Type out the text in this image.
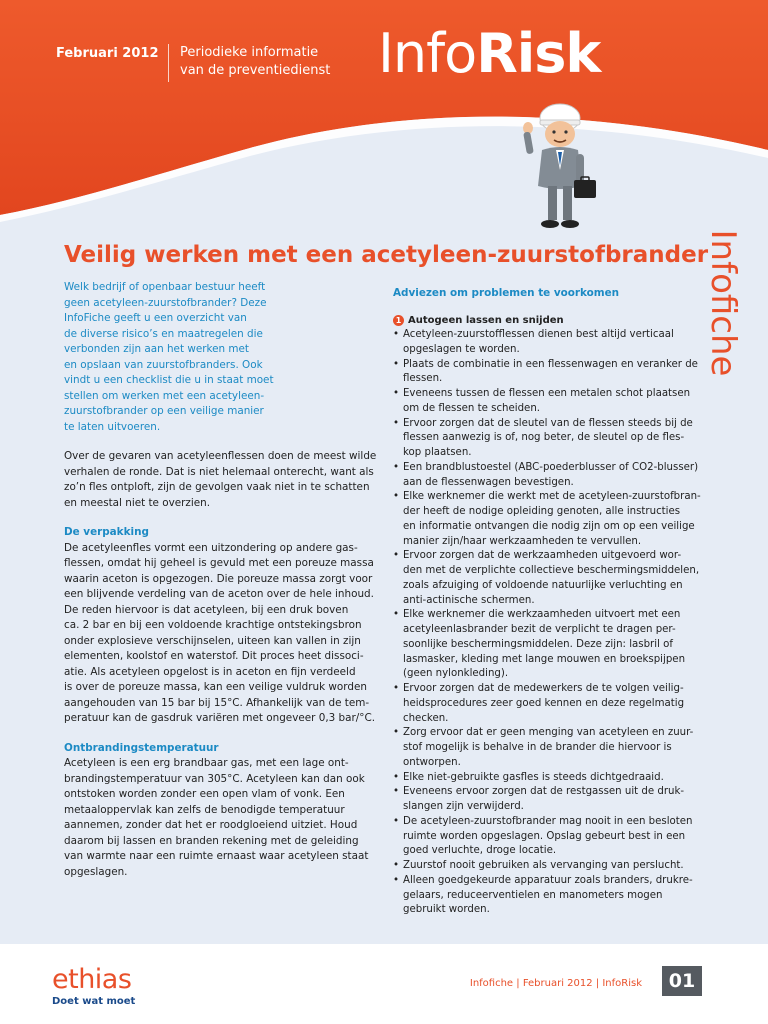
Februari 2012 Periodieke informatie
van de preventiedienst InfoRisk
Infofiche
Veilig werken met een acetyleen-zuurstofbrander
Welk bedrijf of openbaar bestuur heeft
geen acetyleen-zuurstofbrander? Deze
InfoFiche geeft u een overzicht van
de diverse risico’s en maatregelen die
verbonden zijn aan het werken met
en opslaan van zuurstofbranders. Ook
vindt u een checklist die u in staat moet
stellen om werken met een acetyleen-
zuurstofbrander op een veilige manier
te laten uitvoeren.
Over de gevaren van acetyleenflessen doen de meest wilde
verhalen de ronde. Dat is niet helemaal onterecht, want als
zo’n fles ontploft, zijn de gevolgen vaak niet in te schatten
en meestal niet te overzien.
De verpakking
De acetyleenfles vormt een uitzondering op andere gas-
flessen, omdat hij geheel is gevuld met een poreuze massa
waarin aceton is opgezogen. Die poreuze massa zorgt voor
een blijvende verdeling van de aceton over de hele inhoud.
De reden hiervoor is dat acetyleen, bij een druk boven
ca. 2 bar en bij een voldoende krachtige ontstekingsbron
onder explosieve verschijnselen, uiteen kan vallen in zijn
elementen, koolstof en waterstof. Dit proces heet dissoci-
atie. Als acetyleen opgelost is in aceton en fijn verdeeld
is over de poreuze massa, kan een veilige vuldruk worden
aangehouden van 15 bar bij 15°C. Afhankelijk van de tem-
peratuur kan de gasdruk variëren met ongeveer 0,3 bar/°C.
Ontbrandingstemperatuur
Acetyleen is een erg brandbaar gas, met een lage ont-
brandingstemperatuur van 305°C. Acetyleen kan dan ook
ontstoken worden zonder een open vlam of vonk. Een
metaaloppervlak kan zelfs de benodigde temperatuur
aannemen, zonder dat het er roodgloeiend uitziet. Houd
daarom bij lassen en branden rekening met de geleiding
van warmte naar een ruimte ernaast waar acetyleen staat
opgeslagen.
Adviezen om problemen te voorkomen
1 Autogeen lassen en snijden
• Acetyleen-zuurstofflessen dienen best altijd verticaal
opgeslagen te worden.
• Plaats de combinatie in een flessenwagen en veranker de
flessen.
• Eveneens tussen de flessen een metalen schot plaatsen
om de flessen te scheiden.
• Ervoor zorgen dat de sleutel van de flessen steeds bij de
flessen aanwezig is of, nog beter, de sleutel op de fles-
kop plaatsen.
• Een brandblustoestel (ABC-poederblusser of CO2-blusser)
aan de flessenwagen bevestigen.
• Elke werknemer die werkt met de acetyleen-zuurstofbran-
der heeft de nodige opleiding genoten, alle instructies
en informatie ontvangen die nodig zijn om op een veilige
manier zijn/haar werkzaamheden te vervullen.
• Ervoor zorgen dat de werkzaamheden uitgevoerd wor-
den met de verplichte collectieve beschermingsmiddelen,
zoals afzuiging of voldoende natuurlijke verluchting en
anti-actinische schermen.
• Elke werknemer die werkzaamheden uitvoert met een
acetyleenlasbrander bezit de verplicht te dragen per-
soonlijke beschermingsmiddelen. Deze zijn: lasbril of
lasmasker, kleding met lange mouwen en broekspijpen
(geen nylonkleding).
• Ervoor zorgen dat de medewerkers de te volgen veilig-
heidsprocedures zeer goed kennen en deze regelmatig
checken.
• Zorg ervoor dat er geen menging van acetyleen en zuur-
stof mogelijk is behalve in de brander die hiervoor is
ontworpen.
• Elke niet-gebruikte gasfles is steeds dichtgedraaid.
• Eveneens ervoor zorgen dat de restgassen uit de druk-
slangen zijn verwijderd.
• De acetyleen-zuurstofbrander mag nooit in een besloten
ruimte worden opgeslagen. Opslag gebeurt best in een
goed verluchte, droge locatie.
• Zuurstof nooit gebruiken als vervanging van perslucht.
• Alleen goedgekeurde apparatuur zoals branders, drukre-
gelaars, reduceerventielen en manometers mogen
gebruikt worden.
ethias
Doet wat moet
Infofiche | Februari 2012 | InfoRisk	01
